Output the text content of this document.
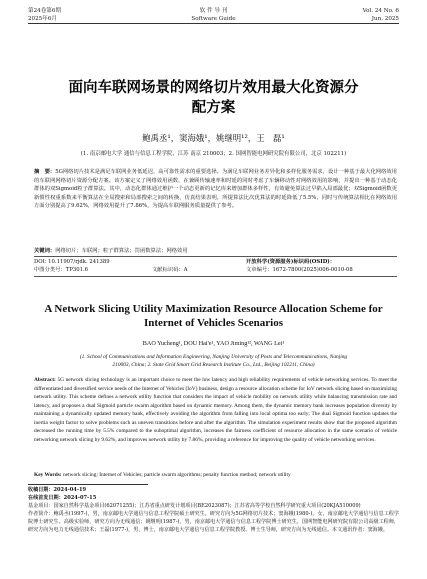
第24卷第6期
2025年6月
软 件 导 刊
Software Guide
Vol. 24 No. 6
Jun. 2025
面向车联网场景的网络切片效用最大化资源分
配方案
鲍禹丞¹，窦海娥¹，姚继明¹²，王　磊¹
(1. 南京邮电大学 通信与信息工程学院，江苏 南京 210003；2. 国网智能电网研究院有限公司，北京 102211)
摘　要：5G网络切片技术是满足车联网业务低延迟、高可靠性需求的重要选择。为满足车联网业务差异化和多样化服务需求，设计一种基于最大化网络效用的车联网网络切片资源分配方案。该方案定义了网络效用函数，在兼顾传输速率和时延的同时考虑了车辆移动性对网络效用的影响，并提出一种基于动态化群体的双Sigmoid粒子群算法。其中，动态化群体通过维护一个动态更新的记忆库来增加群体多样性，有效避免算法过早陷入局部最优；双Sigmoid函数更新惯性权重系数来平衡算法在全局搜索和局部搜索之间的转换，仿真结果表明，所提算法比次优算法的时延降低了5.5%，同时与传统算法相比在网络效用方面分别提高了9.62%，网络效用提升了7.86%，为提高车联网服务质量提供了参考。
关键词：网络切片；车联网；粒子群算法；罚函数算法；网络效用
DOI: 10.11907/rjdk. 241389	开放科学(资源服务)标识码(OSID)：
中图分类号：TP301.6	文献标识码：A	文章编号：1672-7800(2025)006-0010-08
A Network Slicing Utility Maximization Resource Allocation Scheme for
Internet of Vehicles Scenarios
BAO Yucheng¹, DOU Hai'e¹, YAO Jiming¹², WANG Lei¹
(1. School of Communications and Information Engineering, Nanjing University of Posts and Telecommunications, Nanjing
210003, China; 2. State Grid Smart Grid Research Institute Co., Ltd., Beijing 102211, China)
Abstract: 5G network slicing technology is an important choice to meet the low latency and high reliability requirements of vehicle networking services. To meet the differentiated and diversified service needs of the Internet of Vehicles (IoV) business, design a resource allocation scheme for IoV network slicing based on maximizing network utility. This scheme defines a network utility function that considers the impact of vehicle mobility on network utility while balancing transmission rate and latency, and proposes a dual Sigmoid particle swarm algorithm based on dynamic memory. Among them, the dynamic memory bank increases population diversity by maintaining a dynamically updated memory bank, effectively avoiding the algorithm from falling into local optima too early; The dual Sigmoid function updates the inertia weight factor to solve problems such as uneven transitions before and after the algorithm. The simulation experiment results show that the proposed algorithm decreased the running time by 5.5% compared to the suboptimal algorithm, increases the fairness coefficient of resource allocation in the same scenario of vehicle networking network slicing by 9.62%, and improves network utility by 7.86%, providing a reference for improving the quality of vehicle networking services.
Key Words: network slicing; Internet of Vehicles; particle swarm algorithms; penalty function method; network utility

收稿日期：2024-04-19

在线首发日期：2024-07-15

基金项目：国家自然科学基金项目(62071255)；江苏省重点研发计划项目(BE2023087)；江苏省高等学校自然科学研究重大项目(20KJA510009)

作者简介：鲍禹丞(1997-)，男，南京邮电大学通信与信息工程学院硕士研究生，研究方向为5G网络切片技术；窦海娥(1980-)，女，南京邮电大学通信与信息工程学院博士研究生、高级实验师，研究方向为无线通信；姚继明(1987-)，男，南京邮电大学通信与信息工程学院博士研究生，国网智能电网研究院有限公司高级工程师，研究方向为电力无线通信技术；王磊(1977-)，男，博士，南京邮电大学通信与信息工程学院教授、博士生导师，研究方向为无线通信。本文通讯作者：窦海娥。
